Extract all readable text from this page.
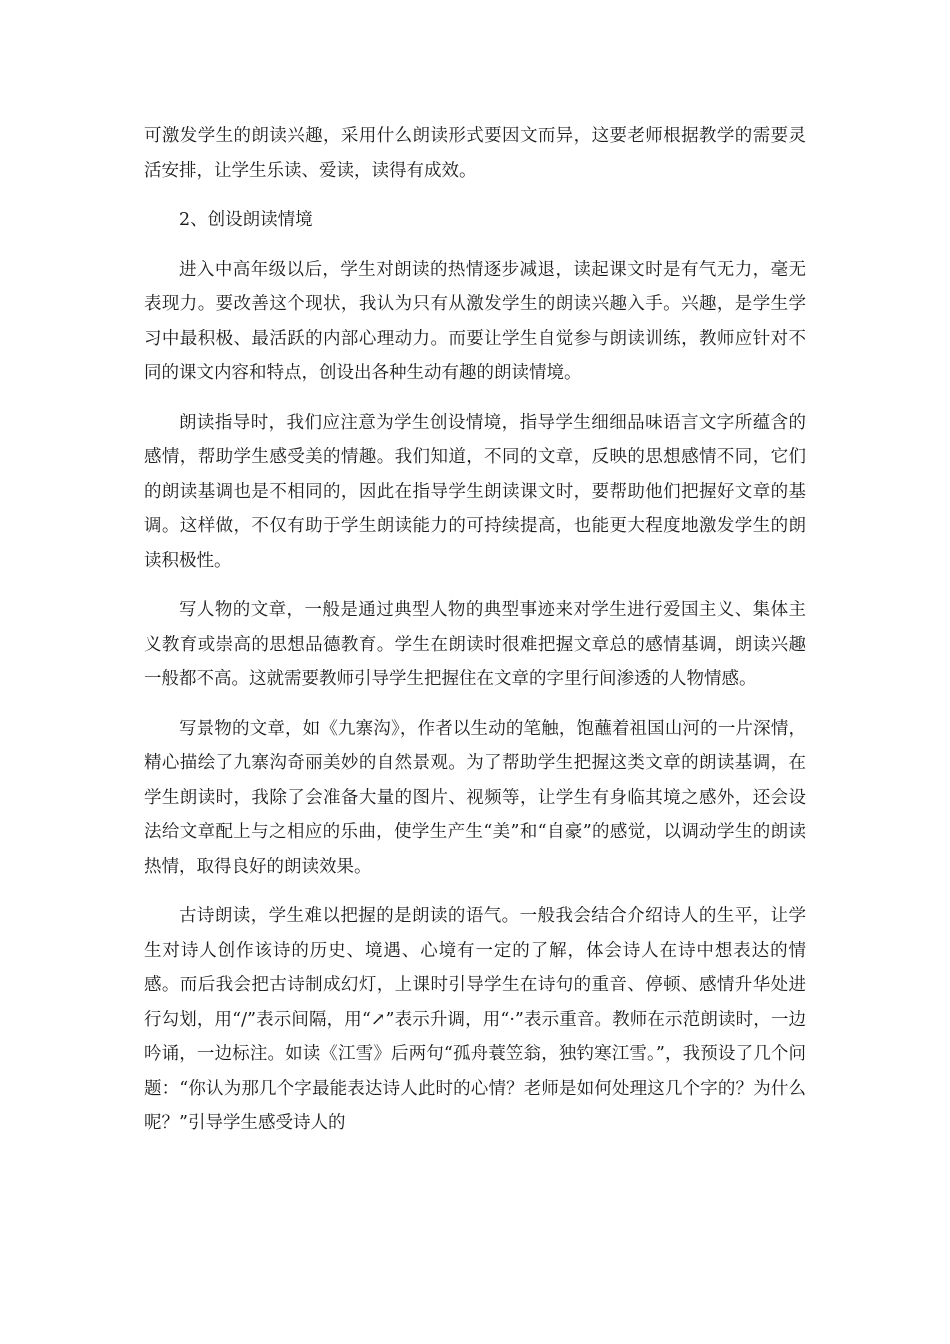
可激发学生的朗读兴趣，采用什么朗读形式要因文而异，这要老师根据教学的需要灵活安排，让学生乐读、爱读，读得有成效。

2、创设朗读情境

进入中高年级以后，学生对朗读的热情逐步减退，读起课文时是有气无力，毫无表现力。要改善这个现状，我认为只有从激发学生的朗读兴趣入手。兴趣，是学生学习中最积极、最活跃的内部心理动力。而要让学生自觉参与朗读训练，教师应针对不同的课文内容和特点，创设出各种生动有趣的朗读情境。

朗读指导时，我们应注意为学生创设情境，指导学生细细品味语言文字所蕴含的感情，帮助学生感受美的情趣。我们知道，不同的文章，反映的思想感情不同，它们的朗读基调也是不相同的，因此在指导学生朗读课文时，要帮助他们把握好文章的基调。这样做，不仅有助于学生朗读能力的可持续提高，也能更大程度地激发学生的朗读积极性。

写人物的文章，一般是通过典型人物的典型事迹来对学生进行爱国主义、集体主义教育或崇高的思想品德教育。学生在朗读时很难把握文章总的感情基调，朗读兴趣一般都不高。这就需要教师引导学生把握住在文章的字里行间渗透的人物情感。

写景物的文章，如《九寨沟》，作者以生动的笔触，饱蘸着祖国山河的一片深情，精心描绘了九寨沟奇丽美妙的自然景观。为了帮助学生把握这类文章的朗读基调，在学生朗读时，我除了会准备大量的图片、视频等，让学生有身临其境之感外，还会设法给文章配上与之相应的乐曲，使学生产生“美”和“自豪”的感觉，以调动学生的朗读热情，取得良好的朗读效果。

古诗朗读，学生难以把握的是朗读的语气。一般我会结合介绍诗人的生平，让学生对诗人创作该诗的历史、境遇、心境有一定的了解，体会诗人在诗中想表达的情感。而后我会把古诗制成幻灯，上课时引导学生在诗句的重音、停顿、感情升华处进行勾划，用“/”表示间隔，用“↗”表示升调，用“·”表示重音。教师在示范朗读时，一边吟诵，一边标注。如读《江雪》后两句“孤舟蓑笠翁，独钓寒江雪。”，我预设了几个问题：“你认为那几个字最能表达诗人此时的心情？老师是如何处理这几个字的？为什么呢？”引导学生感受诗人的
